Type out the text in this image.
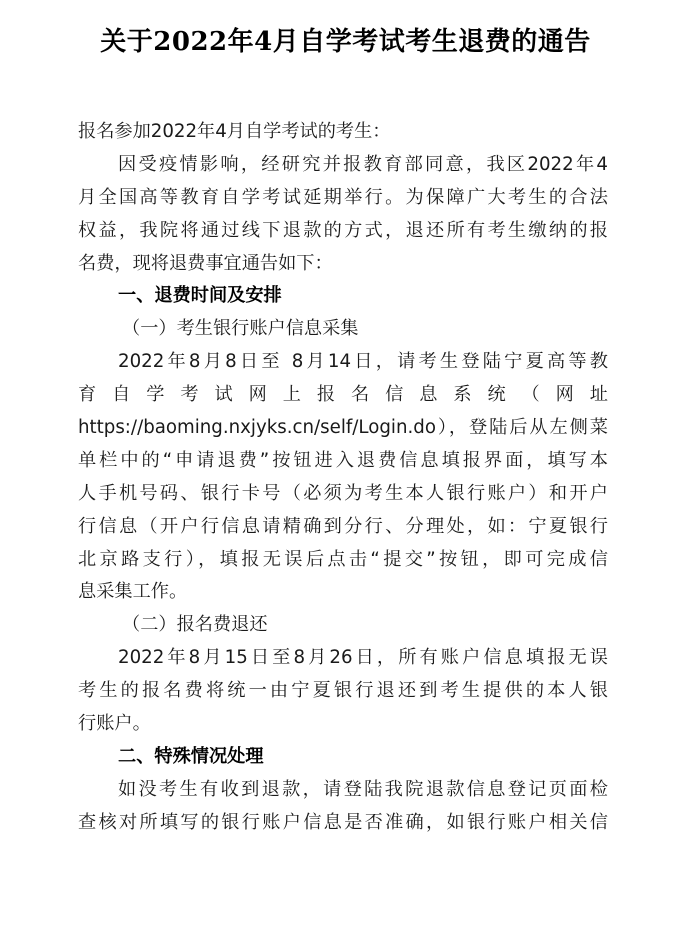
关于2022年4月自学考试考生退费的通告
报名参加2022年4月自学考试的考生：
因受疫情影响，经研究并报教育部同意，我区2022年4
月全国高等教育自学考试延期举行。为保障广大考生的合法
权益，我院将通过线下退款的方式，退还所有考生缴纳的报
名费，现将退费事宜通告如下：
一、退费时间及安排
（一）考生银行账户信息采集
2022年8月8日至 8月14日，请考生登陆宁夏高等教
育 自 学 考 试 网 上 报 名 信 息 系 统 （ 网 址
https://baoming.nxjyks.cn/self/Login.do），登陆后从左侧菜
单栏中的“申请退费”按钮进入退费信息填报界面，填写本
人手机号码、银行卡号（必须为考生本人银行账户）和开户
行信息（开户行信息请精确到分行、分理处，如：宁夏银行
北京路支行），填报无误后点击“提交”按钮，即可完成信
息采集工作。
（二）报名费退还
2022年8月15日至8月26日，所有账户信息填报无误
考生的报名费将统一由宁夏银行退还到考生提供的本人银
行账户。
二、特殊情况处理
如没考生有收到退款，请登陆我院退款信息登记页面检
查核对所填写的银行账户信息是否准确，如银行账户相关信
